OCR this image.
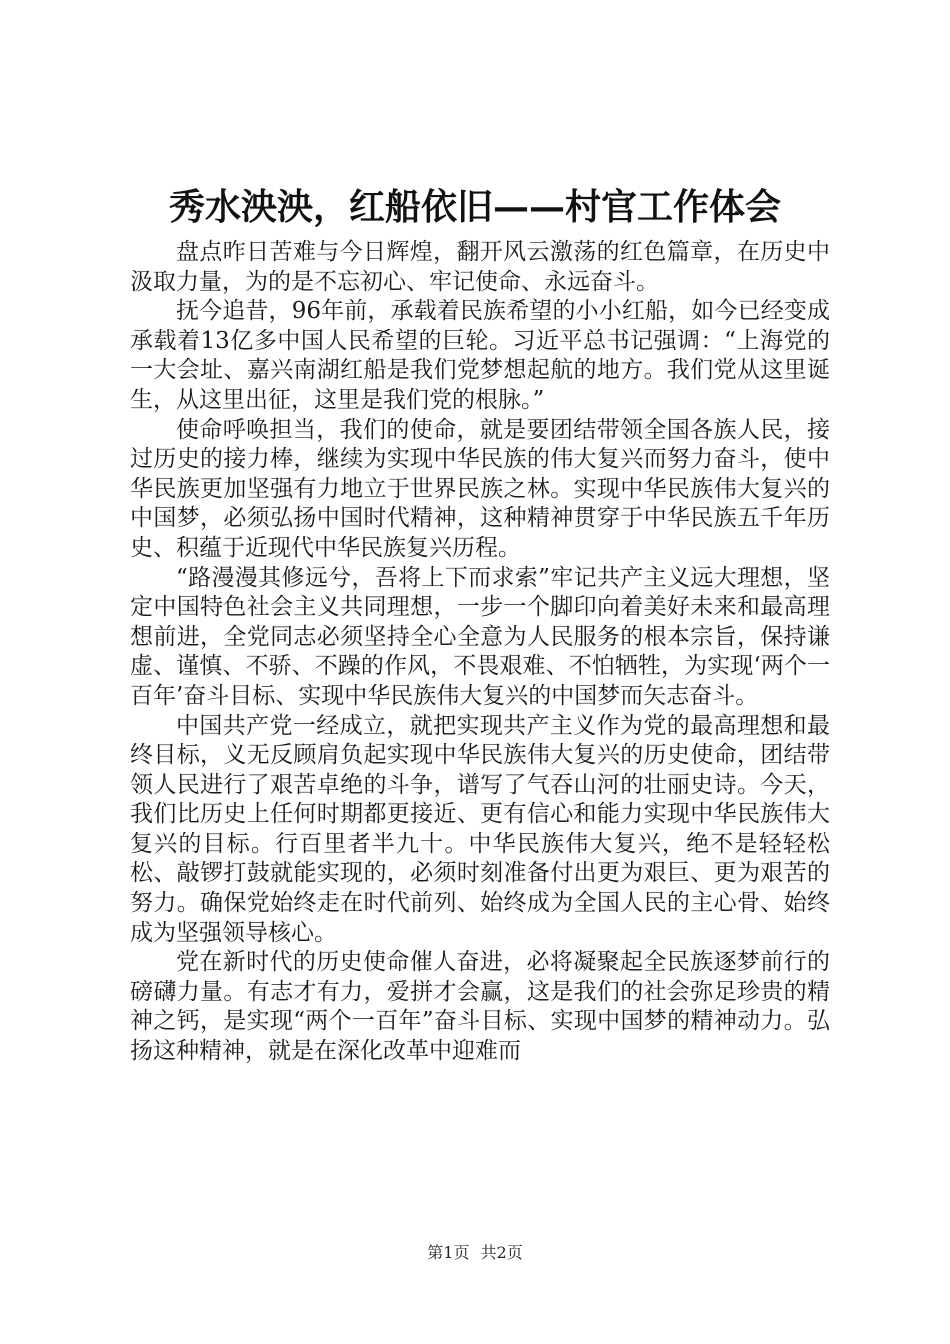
秀水泱泱，红船依旧——村官工作体会

盘点昨日苦难与今日辉煌，翻开风云激荡的红色篇章，在历史中汲取力量，为的是不忘初心、牢记使命、永远奋斗。

抚今追昔，96年前，承载着民族希望的小小红船，如今已经变成承载着13亿多中国人民希望的巨轮。习近平总书记强调：“上海党的一大会址、嘉兴南湖红船是我们党梦想起航的地方。我们党从这里诞生，从这里出征，这里是我们党的根脉。”

使命呼唤担当，我们的使命，就是要团结带领全国各族人民，接过历史的接力棒，继续为实现中华民族的伟大复兴而努力奋斗，使中华民族更加坚强有力地立于世界民族之林。实现中华民族伟大复兴的中国梦，必须弘扬中国时代精神，这种精神贯穿于中华民族五千年历史、积蕴于近现代中华民族复兴历程。

“路漫漫其修远兮，吾将上下而求索”牢记共产主义远大理想，坚定中国特色社会主义共同理想，一步一个脚印向着美好未来和最高理想前进，全党同志必须坚持全心全意为人民服务的根本宗旨，保持谦虚、谨慎、不骄、不躁的作风，不畏艰难、不怕牺牲，为实现‘两个一百年’奋斗目标、实现中华民族伟大复兴的中国梦而矢志奋斗。

中国共产党一经成立，就把实现共产主义作为党的最高理想和最终目标，义无反顾肩负起实现中华民族伟大复兴的历史使命，团结带领人民进行了艰苦卓绝的斗争，谱写了气吞山河的壮丽史诗。今天，我们比历史上任何时期都更接近、更有信心和能力实现中华民族伟大复兴的目标。行百里者半九十。中华民族伟大复兴，绝不是轻轻松松、敲锣打鼓就能实现的，必须时刻准备付出更为艰巨、更为艰苦的努力。确保党始终走在时代前列、始终成为全国人民的主心骨、始终成为坚强领导核心。

党在新时代的历史使命催人奋进，必将凝聚起全民族逐梦前行的磅礴力量。有志才有力，爱拼才会赢，这是我们的社会弥足珍贵的精神之钙，是实现“两个一百年”奋斗目标、实现中国梦的精神动力。弘扬这种精神，就是在深化改革中迎难而

第1页 共2页
